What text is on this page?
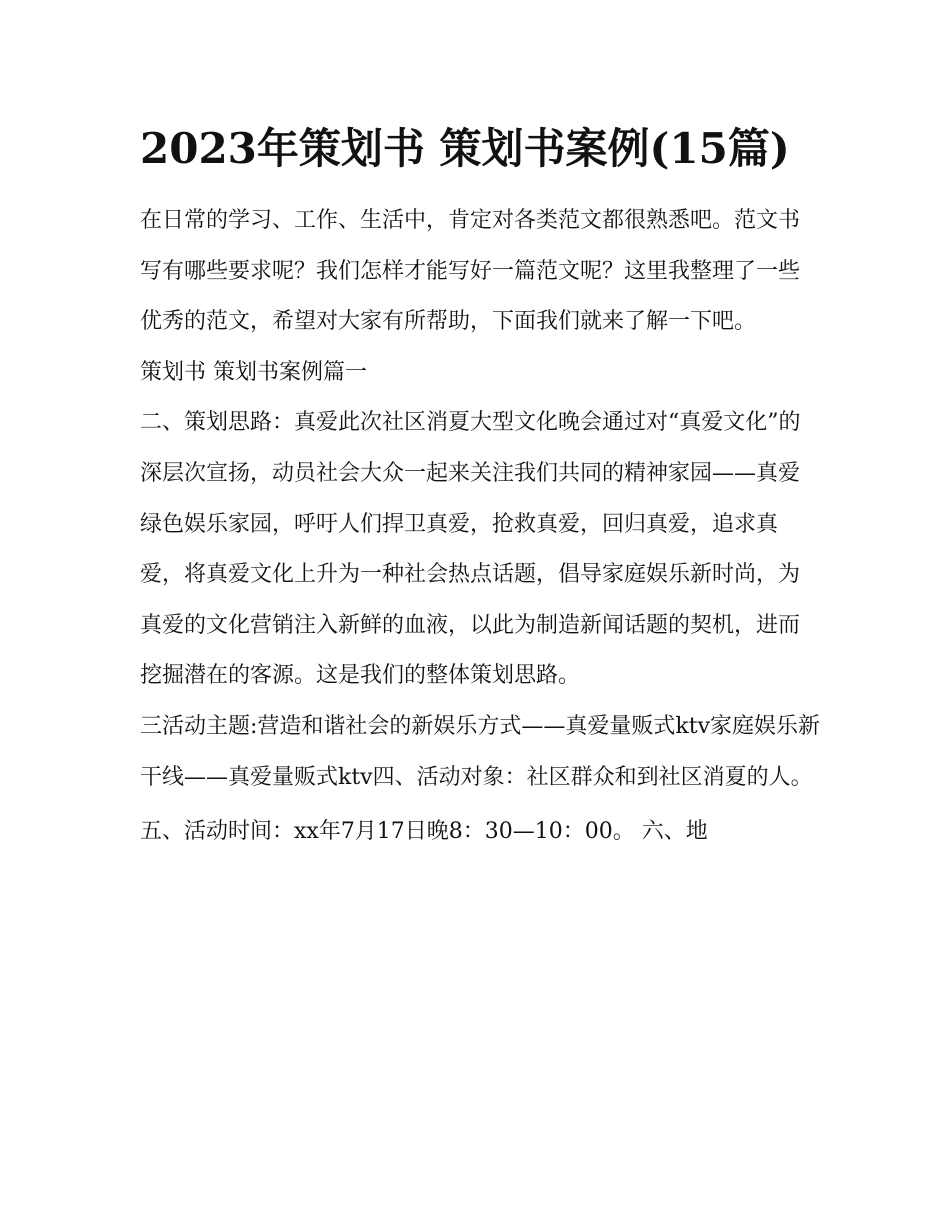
2023年策划书 策划书案例(15篇)

在日常的学习、工作、生活中，肯定对各类范文都很熟悉吧。范文书写有哪些要求呢？我们怎样才能写好一篇范文呢？这里我整理了一些优秀的范文，希望对大家有所帮助，下面我们就来了解一下吧。

策划书 策划书案例篇一

二、策划思路：真爱此次社区消夏大型文化晚会通过对“真爱文化”的深层次宣扬，动员社会大众一起来关注我们共同的精神家园——真爱绿色娱乐家园，呼吁人们捍卫真爱，抢救真爱，回归真爱，追求真爱，将真爱文化上升为一种社会热点话题，倡导家庭娱乐新时尚，为真爱的文化营销注入新鲜的血液，以此为制造新闻话题的契机，进而挖掘潜在的客源。这是我们的整体策划思路。

三活动主题:营造和谐社会的新娱乐方式——真爱量贩式ktv家庭娱乐新干线——真爱量贩式ktv四、活动对象：社区群众和到社区消夏的人。

五、活动时间：xx年7月17日晚8：30—10：00。 六、地
